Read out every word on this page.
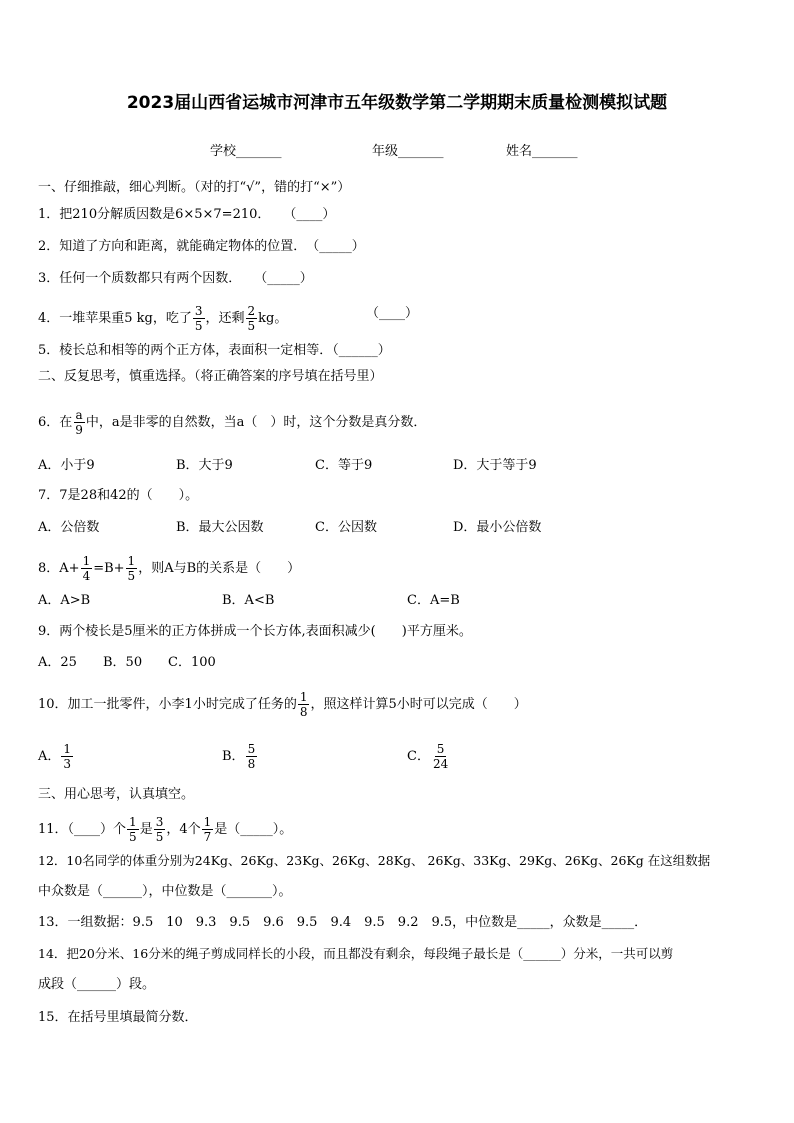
2023届山西省运城市河津市五年级数学第二学期期末质量检测模拟试题
学校_______	年级_______	姓名_______
一、仔细推敲，细心判断。（对的打“√”，错的打“×”）
1．把210分解质因数是6×5×7=210．　　（____）
2．知道了方向和距离，就能确定物体的位置．　（_____）
3．任何一个质数都只有两个因数．　　（_____）
4．一堆苹果重5 kg，吃了 $\frac{3}{5}$ ，还剩 $\frac{2}{5}$ kg。	（____）
5．棱长总和相等的两个正方体，表面积一定相等．（______）
二、反复思考，慎重选择。（将正确答案的序号填在括号里）
6．在 $\frac{a}{9}$ 中，a是非零的自然数，当a（　）时，这个分数是真分数．
A．小于9	B．大于9	C．等于9	D．大于等于9
7．7是28和42的（　　）。
A．公倍数	B．最大公因数	C．公因数	D．最小公倍数
8．$A+ \frac{1}{4} =B+ \frac{1}{5}$ ，则A与B的关系是（　　）
A．A>B	B．A<B	C．A=B
9．两个棱长是5厘米的正方体拼成一个长方体,表面积减少(　　)平方厘米。
A．25 B．50 C．100
10．加工一批零件，小李1小时完成了任务的 $\frac{1}{8}$ ，照这样计算5小时可以完成（　　）
A． $\frac{1}{3}$	B． $\frac{5}{8}$	C． $\frac{5}{24}$
三、用心思考，认真填空。
11．（____）个 $\frac{1}{5}$ 是 $\frac{3}{5}$ ，4个 $\frac{1}{7}$ 是（_____）。
12．10名同学的体重分别为24Kg、26Kg、23Kg、26Kg、28Kg、 26Kg、33Kg、29Kg、26Kg、26Kg 在这组数据
中众数是（______），中位数是（_______）。
13．一组数据：9.5　10　9.3　9.5　9.6　9.5　9.4　9.5　9.2　9.5，中位数是_____，众数是_____．
14．把20分米、16分米的绳子剪成同样长的小段，而且都没有剩余，每段绳子最长是（______）分米，一共可以剪
成段（______）段。
15．在括号里填最简分数．
